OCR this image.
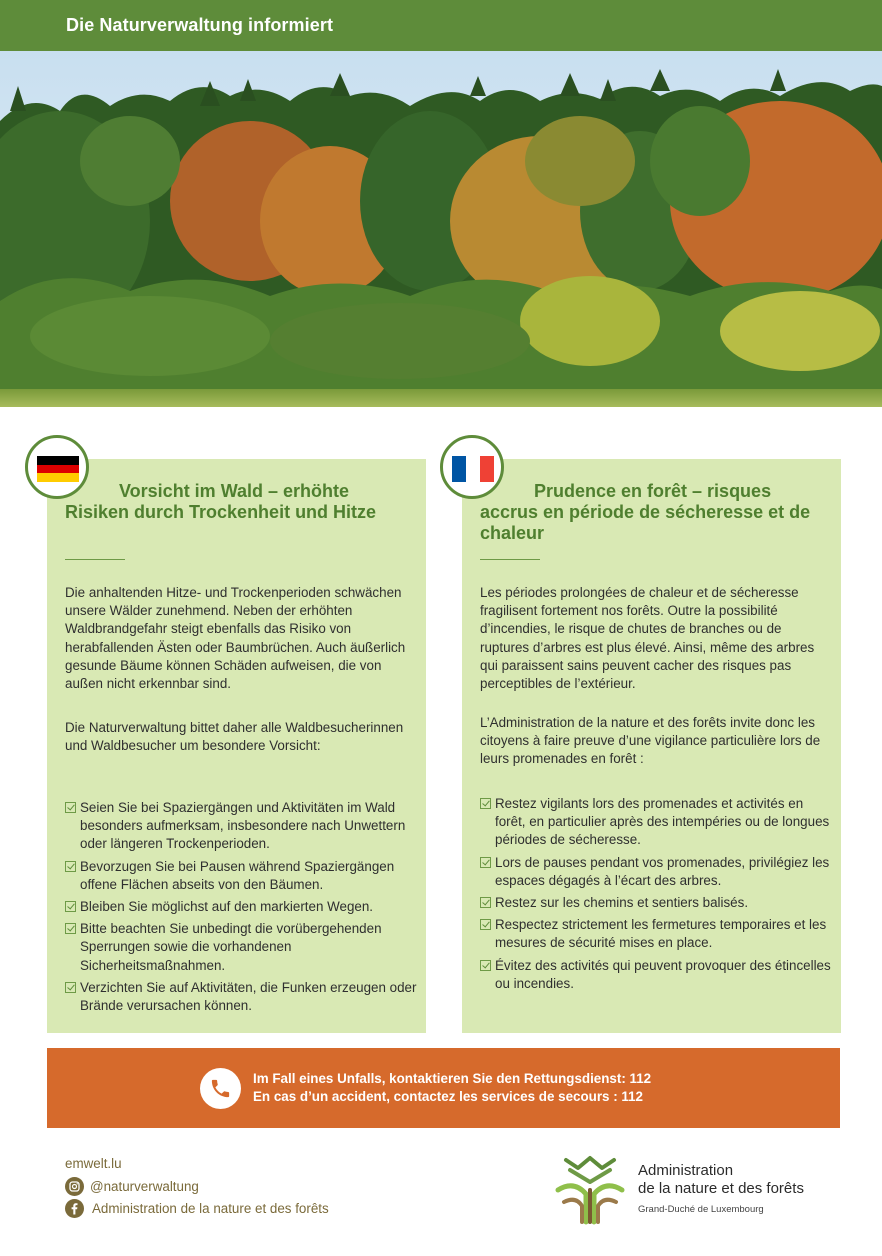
Die Naturverwaltung informiert
Vorsicht im Wald – erhöhte Risiken durch Trockenheit und Hitze
Die anhaltenden Hitze- und Trockenperioden schwächen unsere Wälder zunehmend. Neben der erhöhten Waldbrandgefahr steigt ebenfalls das Risiko von herabfallenden Ästen oder Baumbrüchen. Auch äußerlich gesunde Bäume können Schäden aufweisen, die von außen nicht erkennbar sind.
Die Naturverwaltung bittet daher alle Waldbesucherinnen und Waldbesucher um besondere Vorsicht:
Seien Sie bei Spaziergängen und Aktivitäten im Wald besonders aufmerksam, insbesondere nach Unwettern oder längeren Trockenperioden.
Bevorzugen Sie bei Pausen während Spaziergängen offene Flächen abseits von den Bäumen.
Bleiben Sie möglichst auf den markierten Wegen.
Bitte beachten Sie unbedingt die vorübergehenden Sperrungen sowie die vorhandenen Sicherheitsmaßnahmen.
Verzichten Sie auf Aktivitäten, die Funken erzeugen oder Brände verursachen können.
Prudence en forêt – risques accrus en période de sécheresse et de chaleur
Les périodes prolongées de chaleur et de sécheresse fragilisent fortement nos forêts. Outre la possibilité d’incendies, le risque de chutes de branches ou de ruptures d’arbres est plus élevé. Ainsi, même des arbres qui paraissent sains peuvent cacher des risques pas perceptibles de l’extérieur.
L’Administration de la nature et des forêts invite donc les citoyens à faire preuve d’une vigilance particulière lors de leurs promenades en forêt :
Restez vigilants lors des promenades et activités en forêt, en particulier après des intempéries ou de longues périodes de sécheresse.
Lors de pauses pendant vos promenades, privilégiez les espaces dégagés à l’écart des arbres.
Restez sur les chemins et sentiers balisés.
Respectez strictement les fermetures temporaires et les mesures de sécurité mises en place.
Évitez des activités qui peuvent provoquer des étincelles ou incendies.
Im Fall eines Unfalls, kontaktieren Sie den Rettungsdienst: 112
En cas d’un accident, contactez les services de secours : 112
emwelt.lu
@naturverwaltung
Administration de la nature et des forêts
Administration
de la nature et des forêts
Grand-Duché de Luxembourg
